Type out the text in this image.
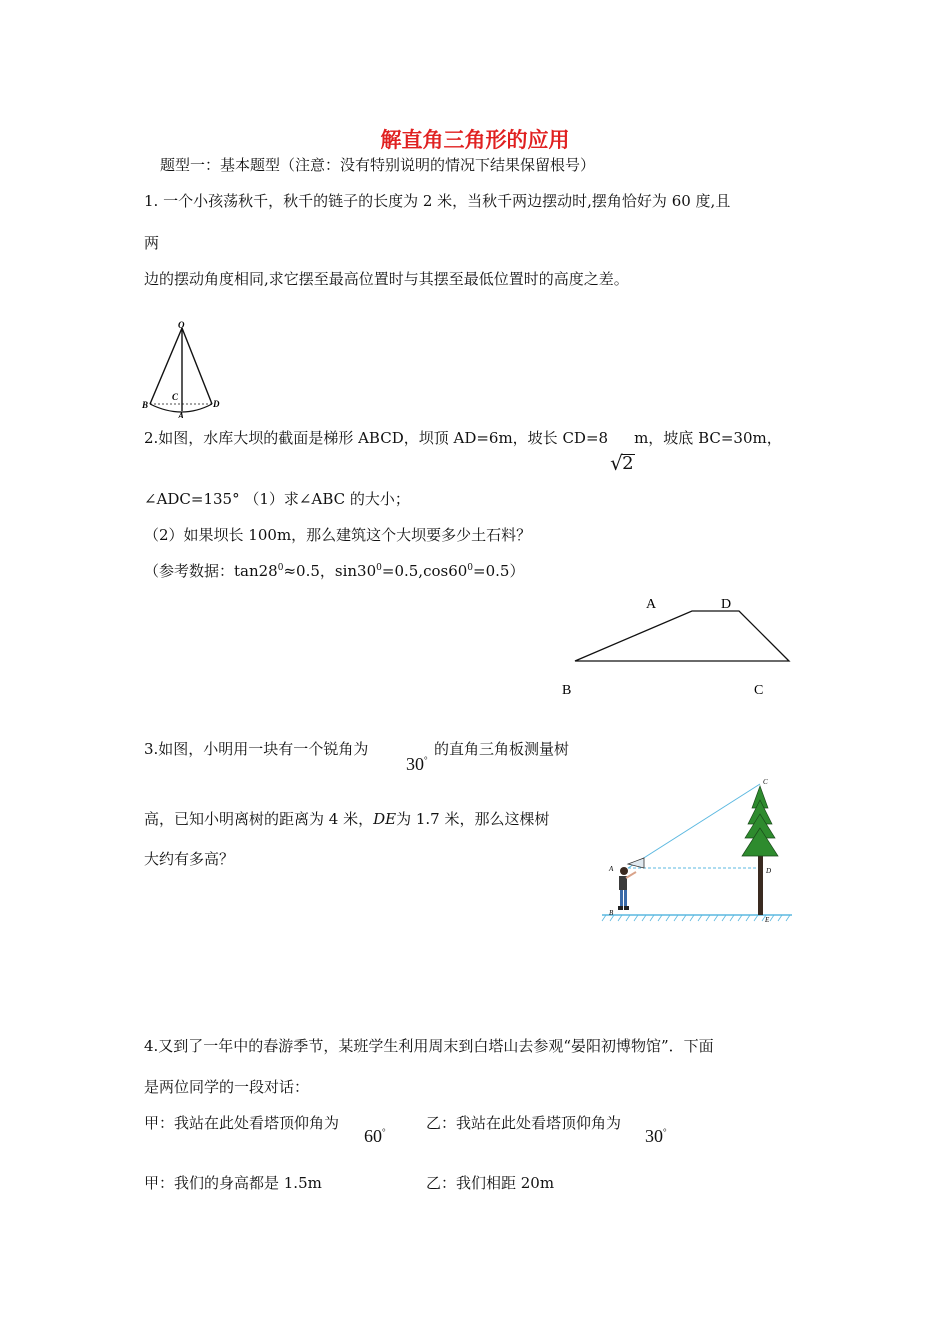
解直角三角形的应用
题型一：基本题型（注意：没有特别说明的情况下结果保留根号）
1. 一个小孩荡秋千，秋千的链子的长度为 2 米，当秋千两边摆动时,摆角恰好为 60 度,且
两
边的摆动角度相同,求它摆至最高位置时与其摆至最低位置时的高度之差。
O
C
B	D
A
2.如图，水库大坝的截面是梯形 ABCD，坝顶 AD=6m，坡长 CD=8
√ 2
m，坡底 BC=30m，
∠ADC=135° （1）求∠ABC 的大小；
（2）如果坝长 100m，那么建筑这个大坝要多少土石料？
（参考数据：$\tan 28^0\approx 0.5$，$\sin 30^0=0.5,\cos 60^0=0.5$）
A	D
B	C
3.如图，小明用一块有一个锐角为
30°
的直角三角板测量树
高，已知小明离树的距离为 4 米，DE为 1.7 米，那么这棵树
大约有多高？
C
A	D
B
E
4.又到了一年中的春游季节，某班学生利用周末到白塔山去参观“晏阳初博物馆”．下面
是两位同学的一段对话：
甲：我站在此处看塔顶仰角为
60°	乙：我站在此处看塔顶仰角为
30°
甲：我们的身高都是 1.5m	乙：我们相距 20m
